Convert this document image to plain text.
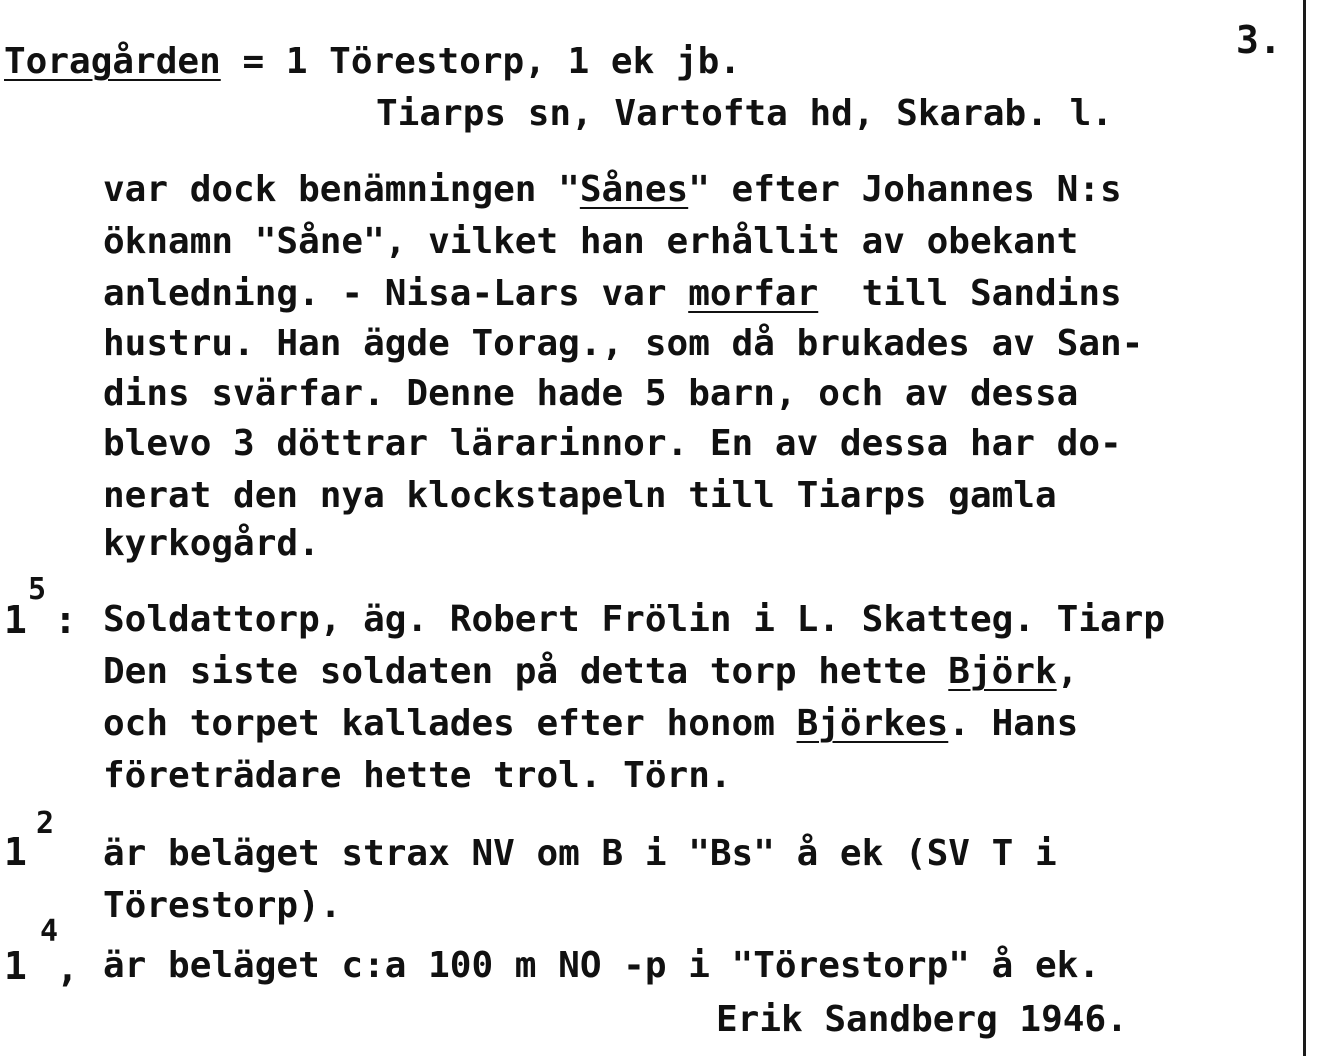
3.
Toragården = 1 Törestorp, 1 ek jb.
Tiarps sn, Vartofta hd, Skarab. l.
var dock benämningen "Sånes" efter Johannes N:s
öknamn "Såne", vilket han erhållit av obekant
anledning. - Nisa-Lars var morfar  till Sandins
hustru. Han ägde Torag., som då brukades av San-
dins svärfar. Denne hade 5 barn, och av dessa
blevo 3 döttrar lärarinnor. En av dessa har do-
nerat den nya klockstapeln till Tiarps gamla
kyrkogård.
1
5
: Soldattorp, äg. Robert Frölin i L. Skatteg. Tiarp
Den siste soldaten på detta torp hette Björk,
och torpet kallades efter honom Björkes. Hans
företrädare hette trol. Törn.
1
2
är beläget strax NV om B i "Bs" å ek (SV T i
Törestorp).
1
4
, är beläget c:a 100 m NO -p i "Törestorp" å ek.
Erik Sandberg 1946.
